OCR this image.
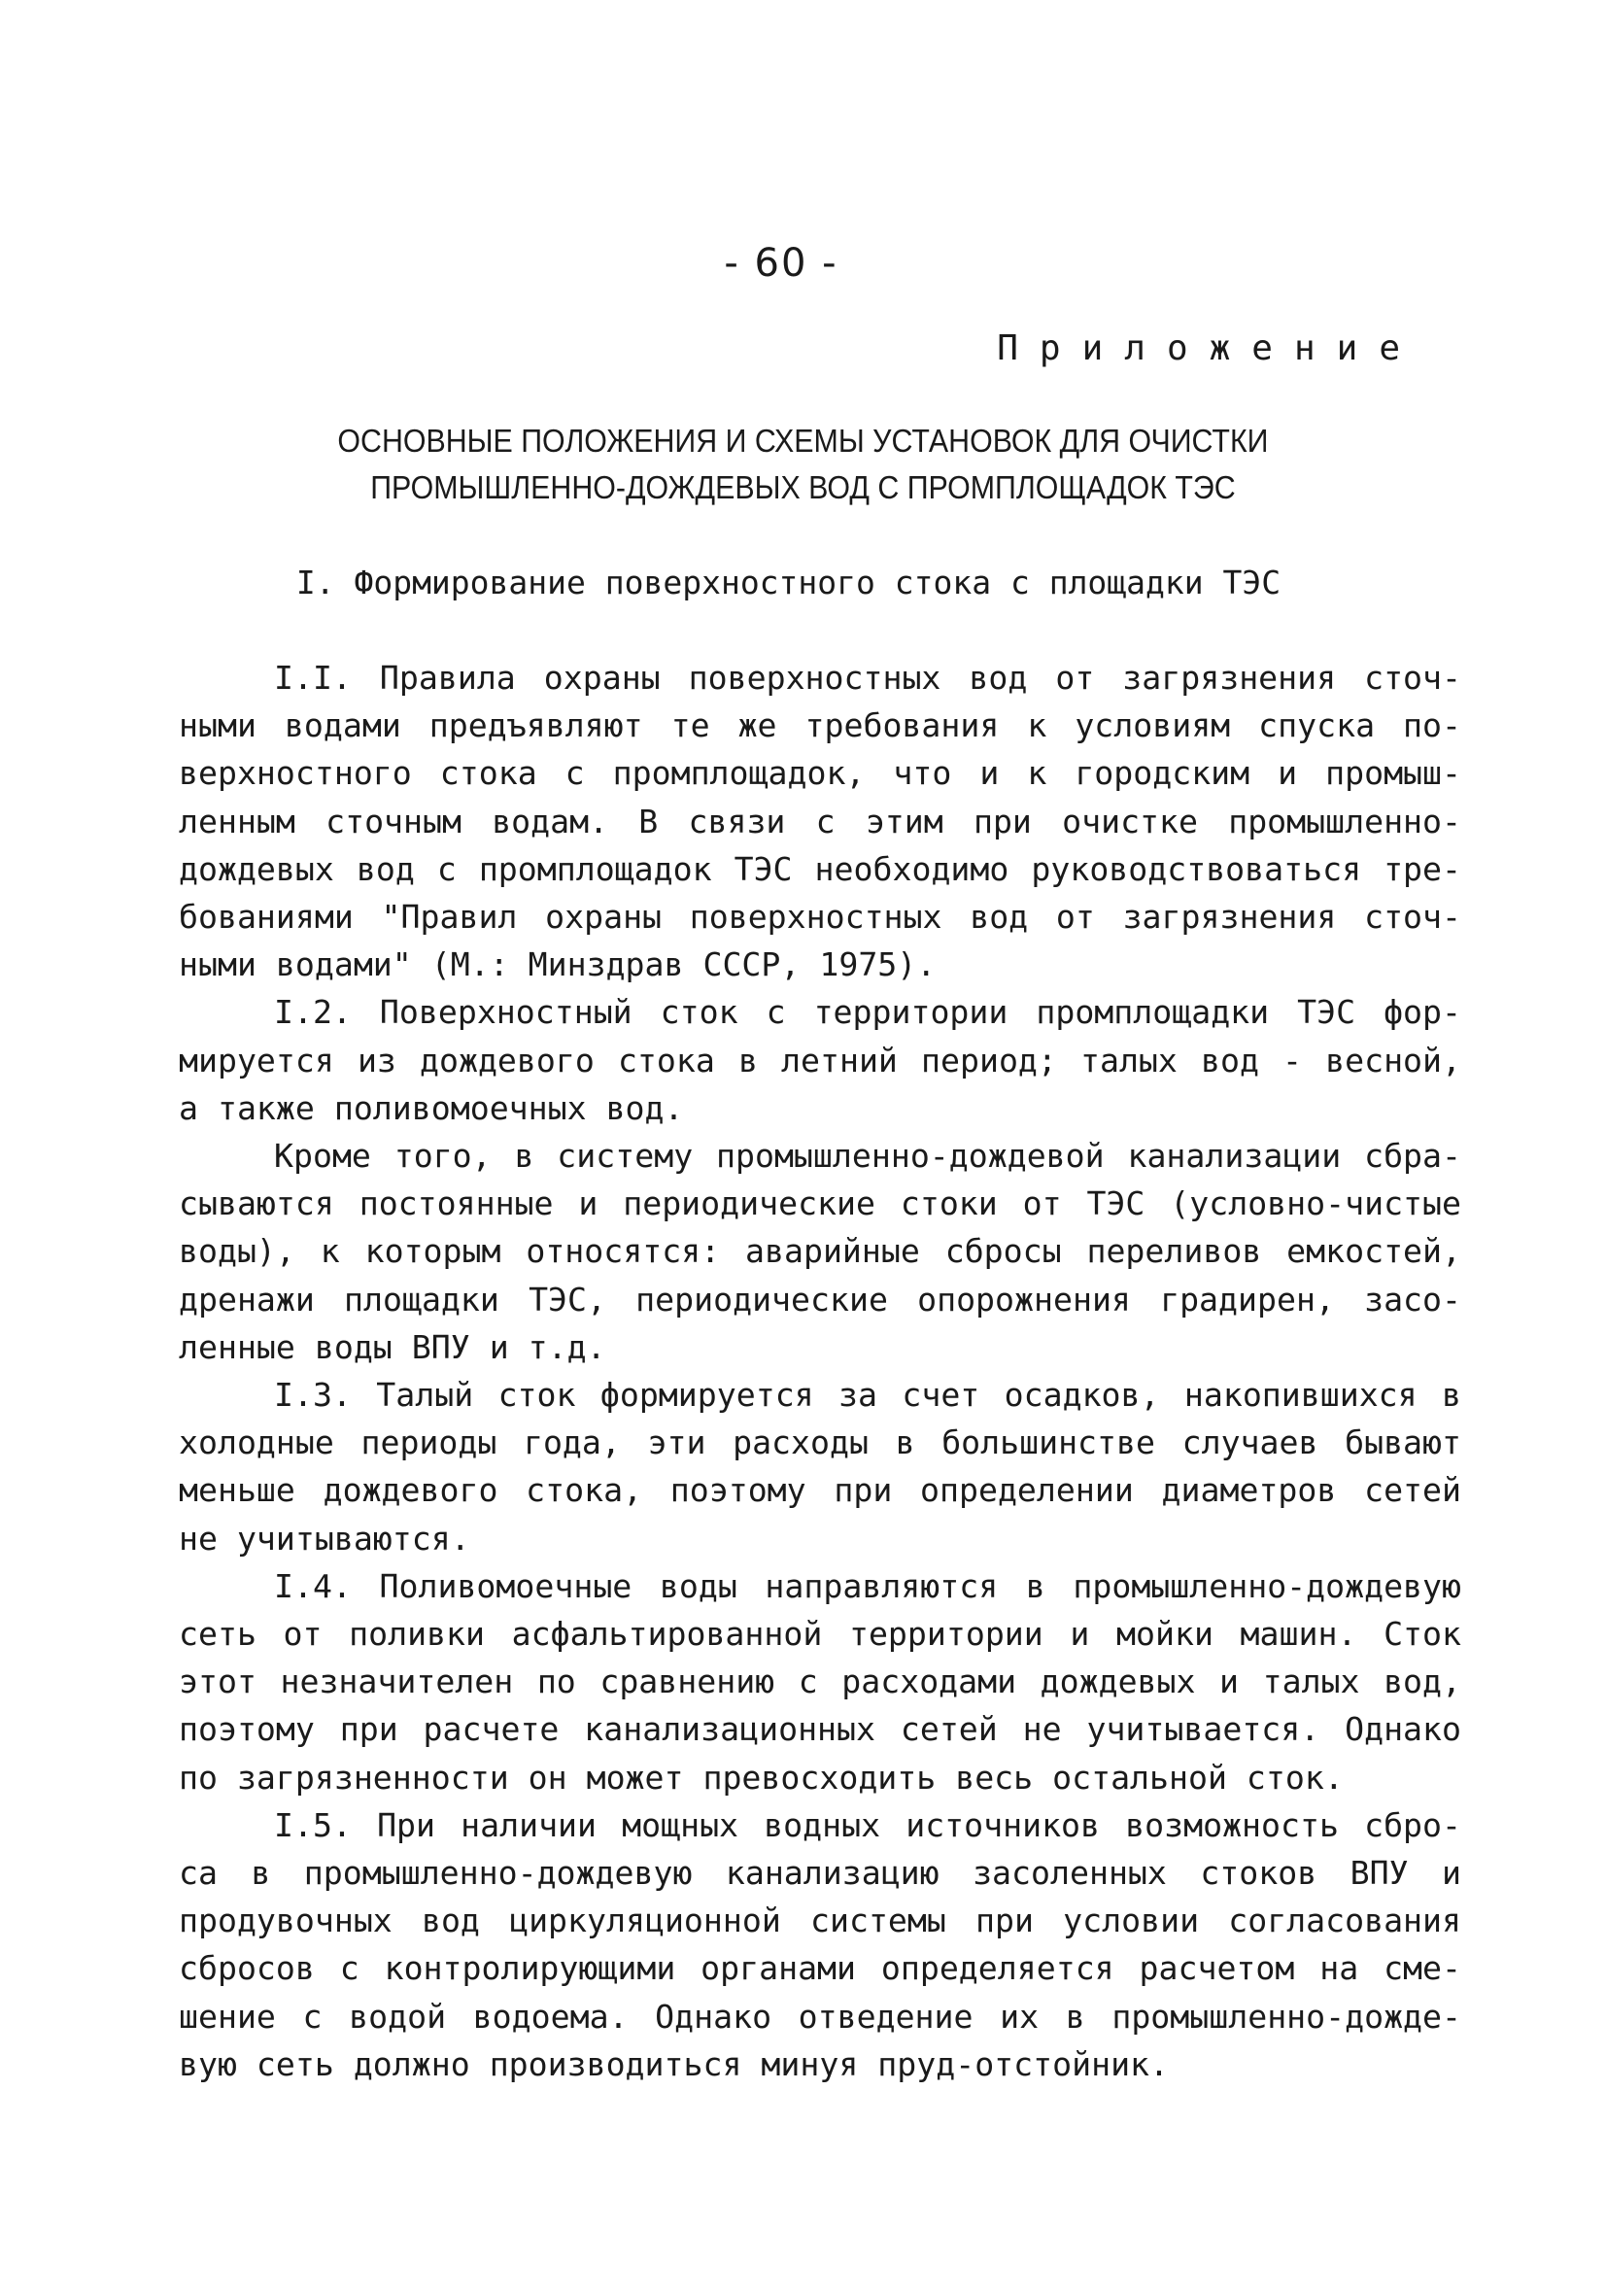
- 60 -
Приложение
ОСНОВНЫЕ ПОЛОЖЕНИЯ И СХЕМЫ УСТАНОВОК ДЛЯ ОЧИСТКИ
ПРОМЫШЛЕННО-ДОЖДЕВЫХ ВОД С ПРОМПЛОЩАДОК ТЭС
I. Формирование поверхностного стока с площадки ТЭС
I.I. Правила охраны поверхностных вод от загрязнения сточ-
ными водами предъявляют те же требования к условиям спуска по-
верхностного стока с промплощадок, что и к городским и промыш-
ленным сточным водам. В связи с этим при очистке промышленно-
дождевых вод с промплощадок ТЭС необходимо руководствоваться тре-
бованиями "Правил охраны поверхностных вод от загрязнения сточ-
ными водами" (М.: Минздрав СССР, 1975).
I.2. Поверхностный сток с территории промплощадки ТЭС фор-
мируется из дождевого стока в летний период; талых вод - весной,
а также поливомоечных вод.
Кроме того, в систему промышленно-дождевой канализации сбра-
сываются постоянные и периодические стоки от ТЭС (условно-чистые
воды), к которым относятся: аварийные сбросы переливов емкостей,
дренажи площадки ТЭС, периодические опорожнения градирен, засо-
ленные воды ВПУ и т.д.
I.3. Талый сток формируется за счет осадков, накопившихся в
холодные периоды года, эти расходы в большинстве случаев бывают
меньше дождевого стока, поэтому при определении диаметров сетей
не учитываются.
I.4. Поливомоечные воды направляются в промышленно-дождевую
сеть от поливки асфальтированной территории и мойки машин. Сток
этот незначителен по сравнению с расходами дождевых и талых вод,
поэтому при расчете канализационных сетей не учитывается. Однако
по загрязненности он может превосходить весь остальной сток.
I.5. При наличии мощных водных источников возможность сбро-
са в промышленно-дождевую канализацию засоленных стоков ВПУ и
продувочных вод циркуляционной системы при условии согласования
сбросов с контролирующими органами определяется расчетом на сме-
шение с водой водоема. Однако отведение их в промышленно-дожде-
вую сеть должно производиться минуя пруд-отстойник.
